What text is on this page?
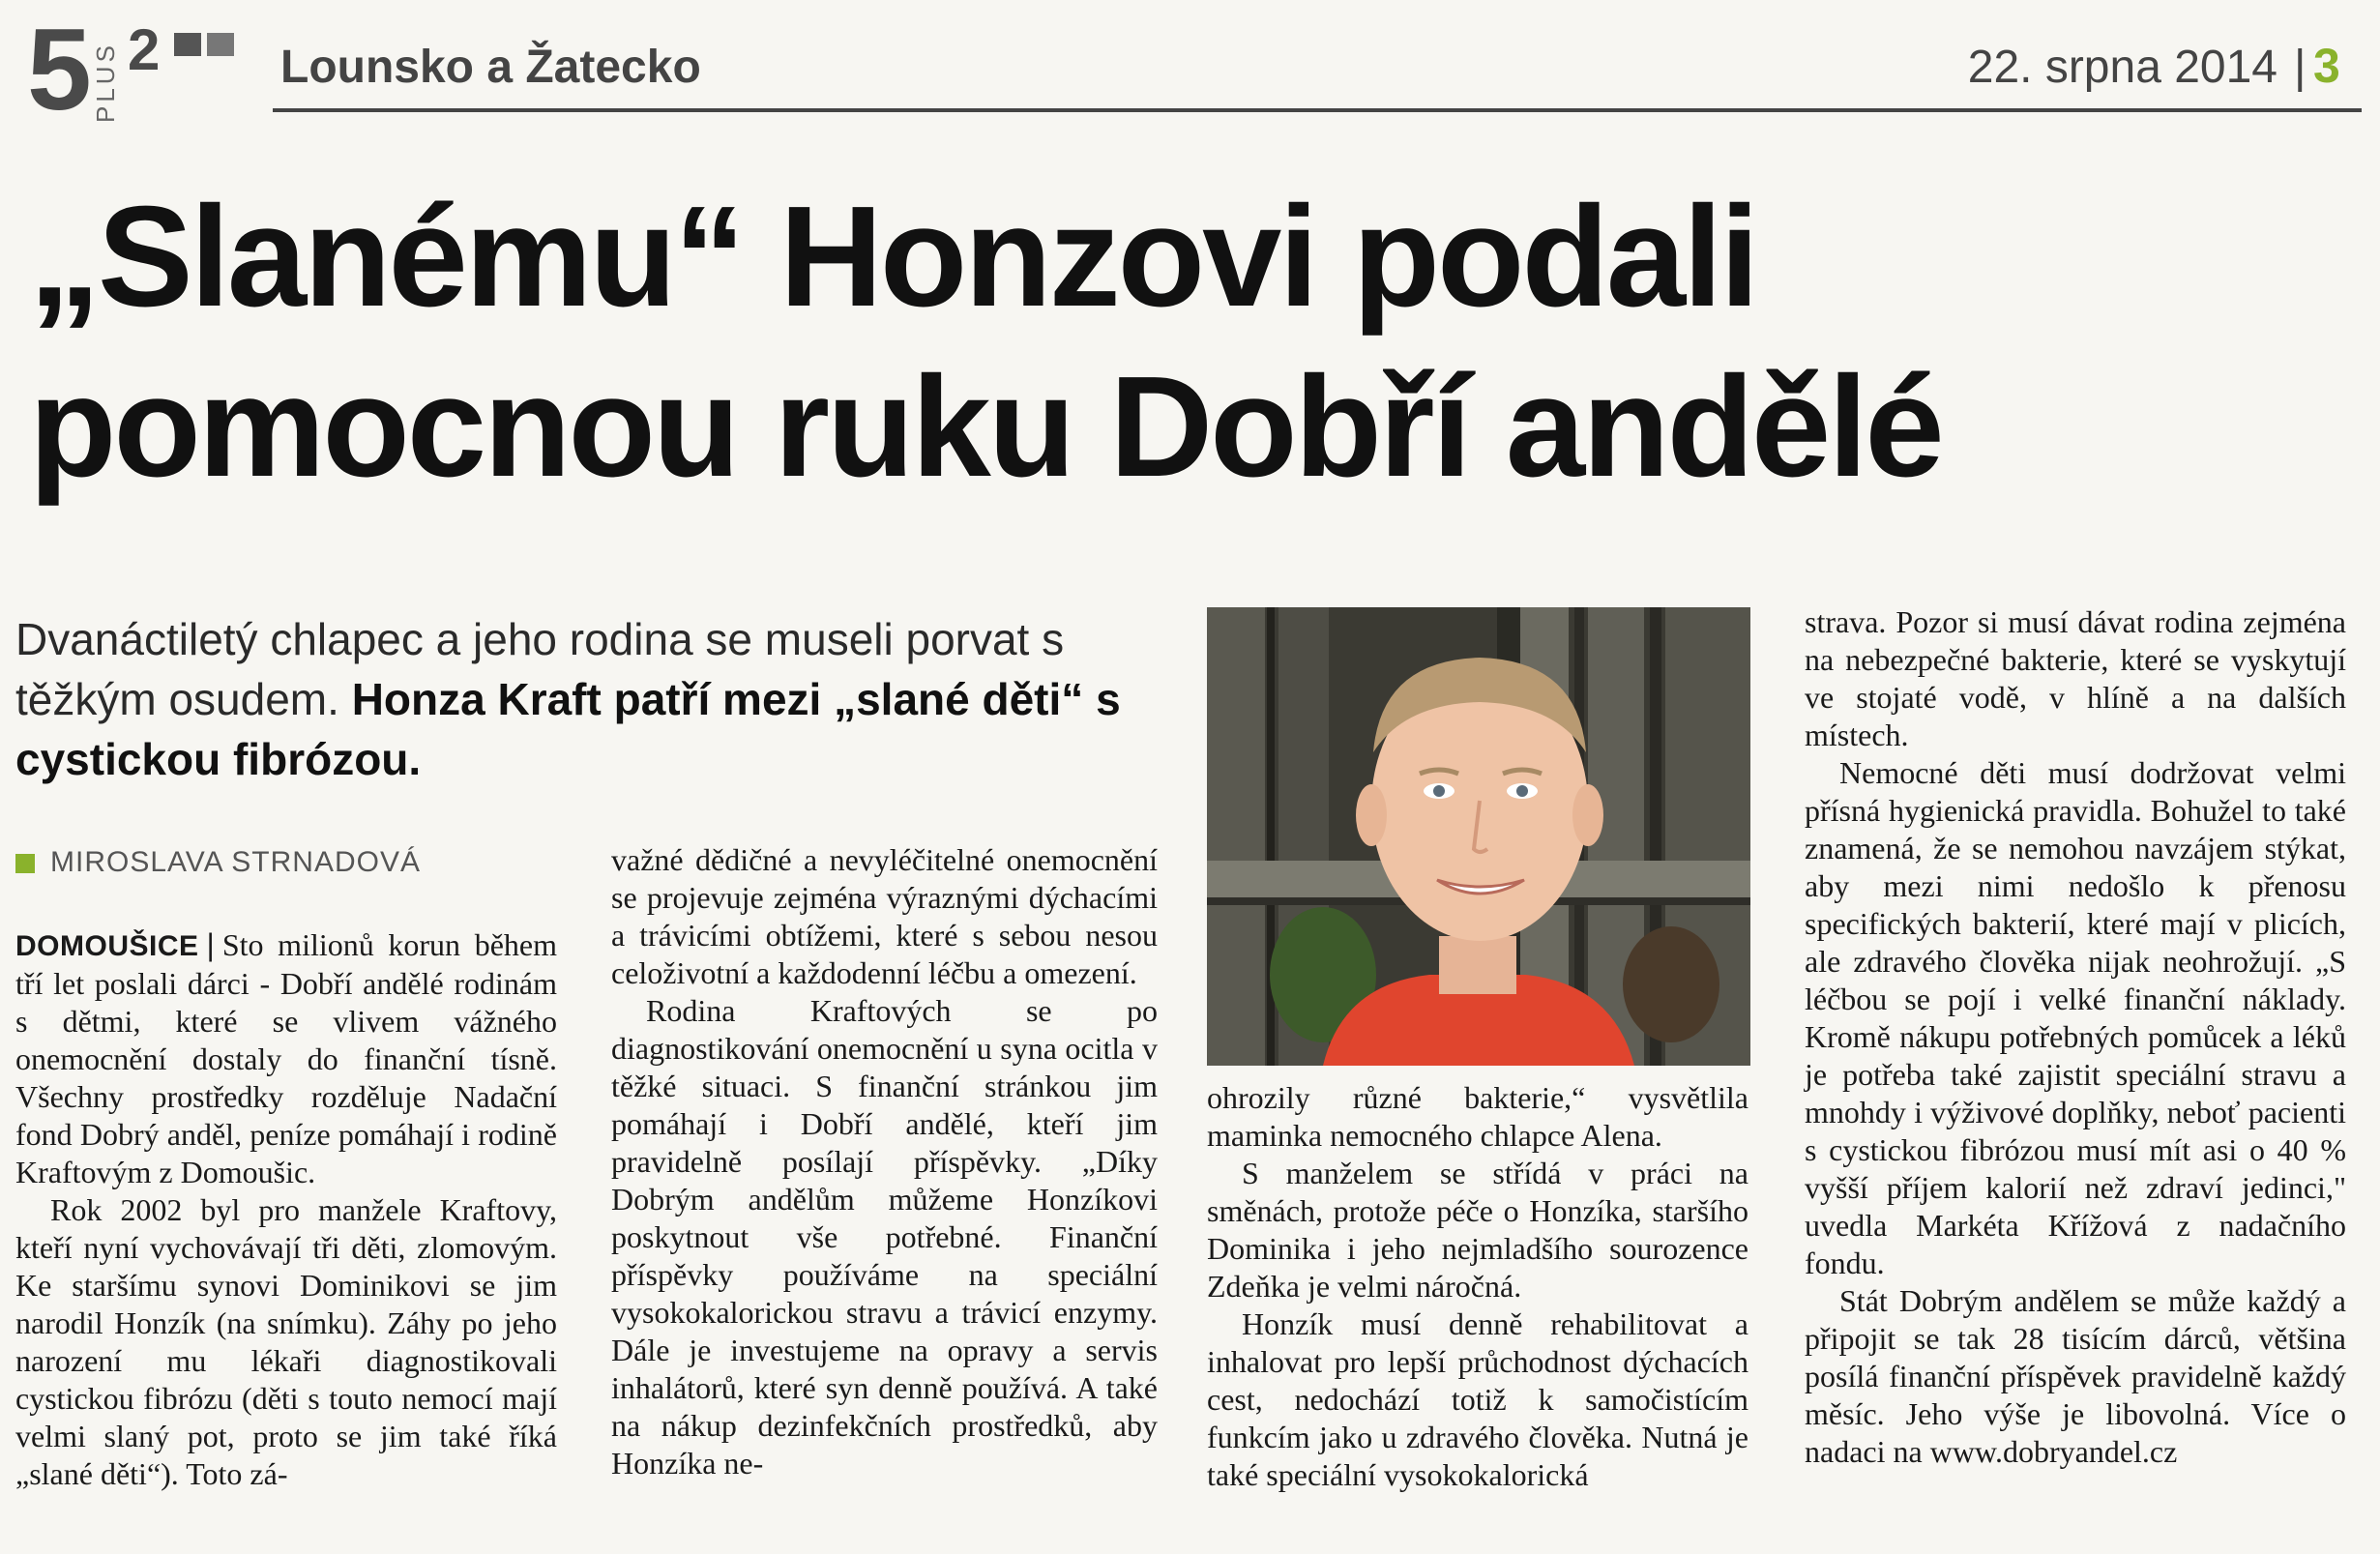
5 PLUS 2	Lounsko a Žatecko	22. srpna 2014 | 3
„Slanému“ Honzovi podali
pomocnou ruku Dobří andělé
Dvanáctiletý chlapec a jeho rodina se museli porvat s těžkým osudem. Honza Kraft patří mezi „slané děti“ s cystickou fibrózou.
MIROSLAVA STRNADOVÁ

DOMOUŠICE | Sto milionů korun během tří let poslali dárci - Dobří andělé rodinám s dětmi, které se vlivem vážného onemocnění dostaly do finanční tísně. Všechny prostředky rozděluje Nadační fond Dobrý anděl, peníze pomáhají i rodině Kraftovým z Domoušic.

Rok 2002 byl pro manžele Kraftovy, kteří nyní vychovávají tři děti, zlomovým. Ke staršímu synovi Dominikovi se jim narodil Honzík (na snímku). Záhy po jeho narození mu lékaři diagnostikovali cystickou fibrózu (děti s touto nemocí mají velmi slaný pot, proto se jim také říká „slané děti“). Toto zá-

važné dědičné a nevyléčitelné onemocnění se projevuje zejména výraznými dýchacími a trávicími obtížemi, které s sebou nesou celoživotní a každodenní léčbu a omezení.

Rodina Kraftových se po diagnostikování onemocnění u syna ocitla v těžké situaci. S finanční stránkou jim pomáhají i Dobří andělé, kteří jim pravidelně posílají příspěvky. „Díky Dobrým andělům můžeme Honzíkovi poskytnout vše potřebné. Finanční příspěvky používáme na speciální vysokokalorickou stravu a trávicí enzymy. Dále je investujeme na opravy a servis inhalátorů, které syn denně používá. A také na nákup dezinfekčních prostředků, aby Honzíka ne-

ohrozily různé bakterie,“ vysvětlila maminka nemocného chlapce Alena.

S manželem se střídá v práci na směnách, protože péče o Honzíka, staršího Dominika i jeho nejmladšího sourozence Zdeňka je velmi náročná.

Honzík musí denně rehabilitovat a inhalovat pro lepší průchodnost dýchacích cest, nedochází totiž k samočistícím funkcím jako u zdravého člověka. Nutná je také speciální vysokokalorická

strava. Pozor si musí dávat rodina zejména na nebezpečné bakterie, které se vyskytují ve stojaté vodě, v hlíně a na dalších místech.

Nemocné děti musí dodržovat velmi přísná hygienická pravidla. Bohužel to také znamená, že se nemohou navzájem stýkat, aby mezi nimi nedošlo k přenosu specifických bakterií, které mají v plicích, ale zdravého člověka nijak neohrožují. „S léčbou se pojí i velké finanční náklady. Kromě nákupu potřebných pomůcek a léků je potřeba také zajistit speciální stravu a mnohdy i výživové doplňky, neboť pacienti s cystickou fibrózou musí mít asi o 40 % vyšší příjem kalorií než zdraví jedinci," uvedla Markéta Křížová z nadačního fondu.

Stát Dobrým andělem se může každý a připojit se tak 28 tisícím dárců, většina posílá finanční příspěvek pravidelně každý měsíc. Jeho výše je libovolná. Více o nadaci na www.dobryandel.cz
